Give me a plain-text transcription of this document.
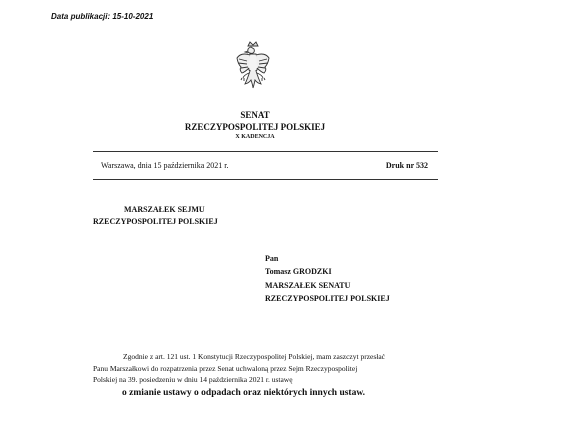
Data publikacji: 15-10-2021
SENAT
RZECZYPOSPOLITEJ POLSKIEJ
X KADENCJA
Warszawa, dnia 15 października 2021 r.	Druk nr 532
MARSZAŁEK SEJMU
RZECZYPOSPOLITEJ POLSKIEJ
Pan
Tomasz GRODZKI
MARSZAŁEK SENATU
RZECZYPOSPOLITEJ POLSKIEJ
Zgodnie z art. 121 ust. 1 Konstytucji Rzeczypospolitej Polskiej, mam zaszczyt przesłać
Panu Marszałkowi do rozpatrzenia przez Senat uchwaloną przez Sejm Rzeczypospolitej
Polskiej na 39. posiedzeniu w dniu 14 października 2021 r. ustawę
o zmianie ustawy o odpadach oraz niektórych innych ustaw.
